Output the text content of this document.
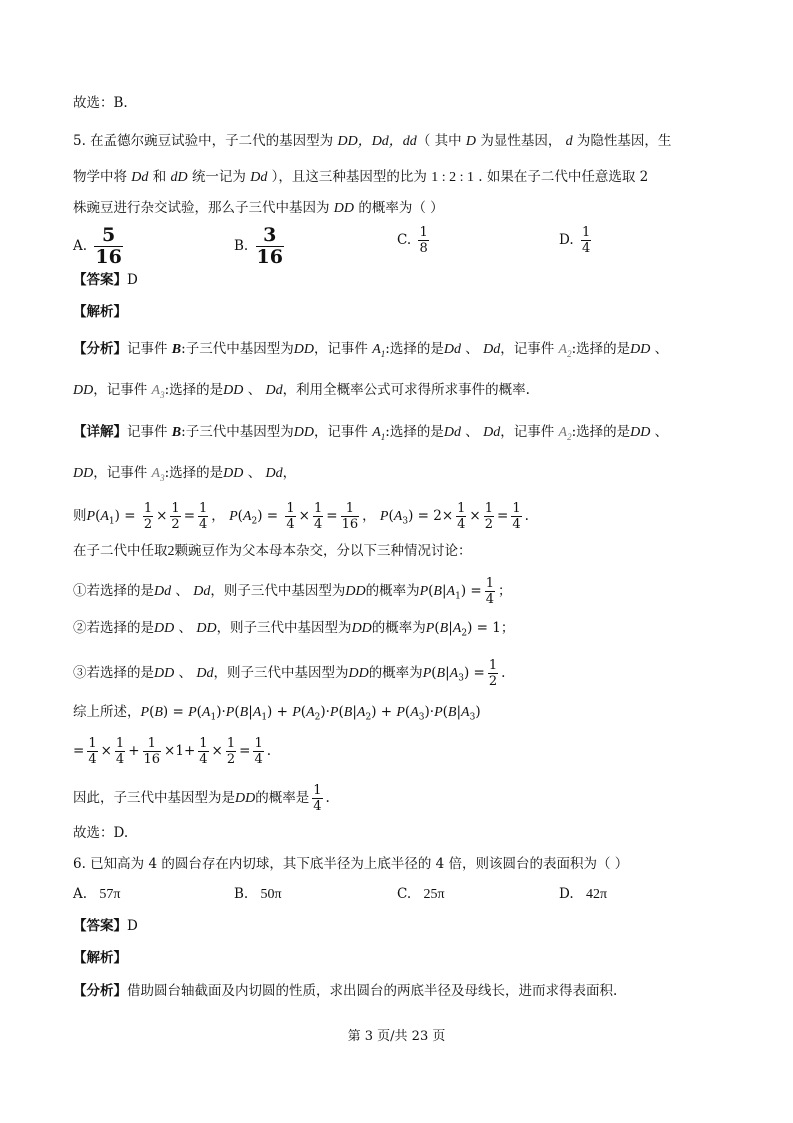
故选：B.
5. 在孟德尔豌豆试验中，子二代的基因型为 DD，Dd，dd（ 其中 D 为显性基因， d 为隐性基因，生
物学中将 Dd 和 dD 统一记为 Dd ），且这三种基因型的比为 1 : 2 : 1 . 如果在子二代中任意选取 2
株豌豆进行杂交试验，那么子三代中基因为 DD 的概率为（ ）
A. $\frac{5}{16}$	B. $\frac{3}{16}$	C. $\frac{1}{8}$	D. $\frac{1}{4}$
【答案】D
【解析】
【分析】记事件 B:子三代中基因型为DD，记事件 $A_1$:选择的是Dd 、 Dd，记事件 $A_2$:选择的是DD 、
DD，记事件 $A_3$:选择的是DD 、 Dd，利用全概率公式可求得所求事件的概率.
【详解】记事件 B:子三代中基因型为DD，记事件 $A_1$:选择的是Dd 、 Dd，记事件 $A_2$:选择的是DD 、
DD，记事件 $A_3$:选择的是DD 、 Dd，
则$P(A_1) = \frac{1}{2} \times \frac{1}{2} = \frac{1}{4}$ ， $P(A_2) = \frac{1}{4} \times \frac{1}{4} = \frac{1}{16}$ ， $P(A_3) = 2\times \frac{1}{4} \times \frac{1}{2} = \frac{1}{4}$ .
在子二代中任取2颗豌豆作为父本母本杂交，分以下三种情况讨论：
①若选择的是Dd 、 Dd，则子三代中基因型为DD的概率为$P(B|A_1) = \frac{1}{4}$ ；
②若选择的是DD 、 DD，则子三代中基因型为DD的概率为$P(B|A_2) = 1$；
③若选择的是DD 、 Dd，则子三代中基因型为DD的概率为$P(B|A_3) = \frac{1}{2}$ .
综上所述，$P(B) = P(A_1)\cdot P(B|A_1) + P(A_2)\cdot P(B|A_2) + P(A_3)\cdot P(B|A_3)$
= $\frac{1}{4} \times \frac{1}{4} + \frac{1}{16} \times 1+ \frac{1}{4} \times \frac{1}{2} = \frac{1}{4}$ .
因此，子三代中基因型为是DD的概率是 $\frac{1}{4}$ .
故选：D.
6. 已知高为 4 的圆台存在内切球，其下底半径为上底半径的 4 倍，则该圆台的表面积为（ ）
A. 57π	B. 50π	C. 25π	D. 42π
【答案】D
【解析】
【分析】借助圆台轴截面及内切圆的性质，求出圆台的两底半径及母线长，进而求得表面积.
第 3 页/共 23 页
